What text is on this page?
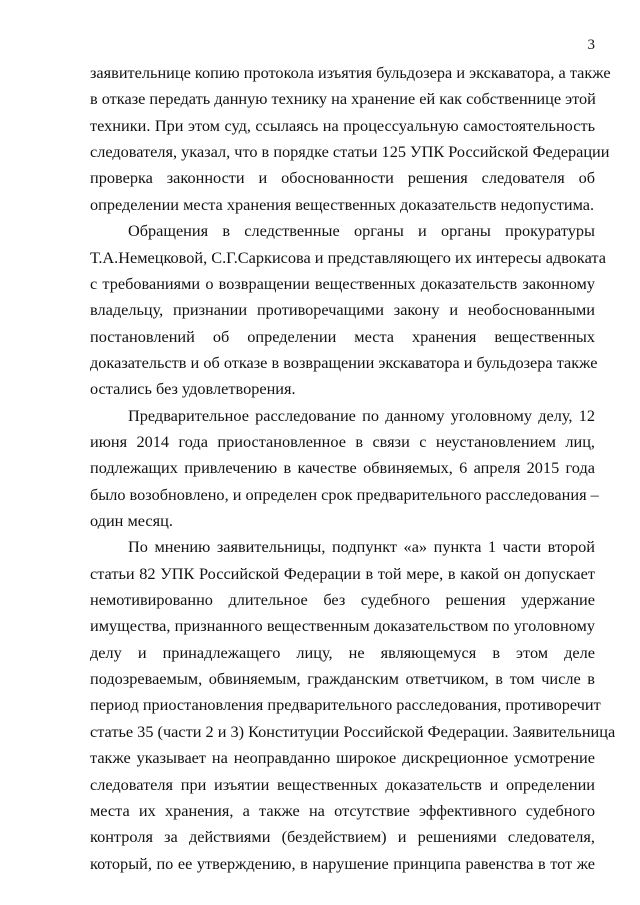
3
заявительнице копию протокола изъятия бульдозера и экскаватора, а также
в отказе передать данную технику на хранение ей как собственнице этой
техники. При этом суд, ссылаясь на процессуальную самостоятельность
следователя, указал, что в порядке статьи 125 УПК Российской Федерации
проверка законности и обоснованности решения следователя об
определении места хранения вещественных доказательств недопустима.
Обращения в следственные органы и органы прокуратуры
Т.А.Немецковой, С.Г.Саркисова и представляющего их интересы адвоката
с требованиями о возвращении вещественных доказательств законному
владельцу, признании противоречащими закону и необоснованными
постановлений об определении места хранения вещественных
доказательств и об отказе в возвращении экскаватора и бульдозера также
остались без удовлетворения.
Предварительное расследование по данному уголовному делу, 12
июня 2014 года приостановленное в связи с неустановлением лиц,
подлежащих привлечению в качестве обвиняемых, 6 апреля 2015 года
было возобновлено, и определен срок предварительного расследования –
один месяц.
По мнению заявительницы, подпункт «а» пункта 1 части второй
статьи 82 УПК Российской Федерации в той мере, в какой он допускает
немотивированно длительное без судебного решения удержание
имущества, признанного вещественным доказательством по уголовному
делу и принадлежащего лицу, не являющемуся в этом деле
подозреваемым, обвиняемым, гражданским ответчиком, в том числе в
период приостановления предварительного расследования, противоречит
статье 35 (части 2 и 3) Конституции Российской Федерации. Заявительница
также указывает на неоправданно широкое дискреционное усмотрение
следователя при изъятии вещественных доказательств и определении
места их хранения, а также на отсутствие эффективного судебного
контроля за действиями (бездействием) и решениями следователя,
который, по ее утверждению, в нарушение принципа равенства в тот же
